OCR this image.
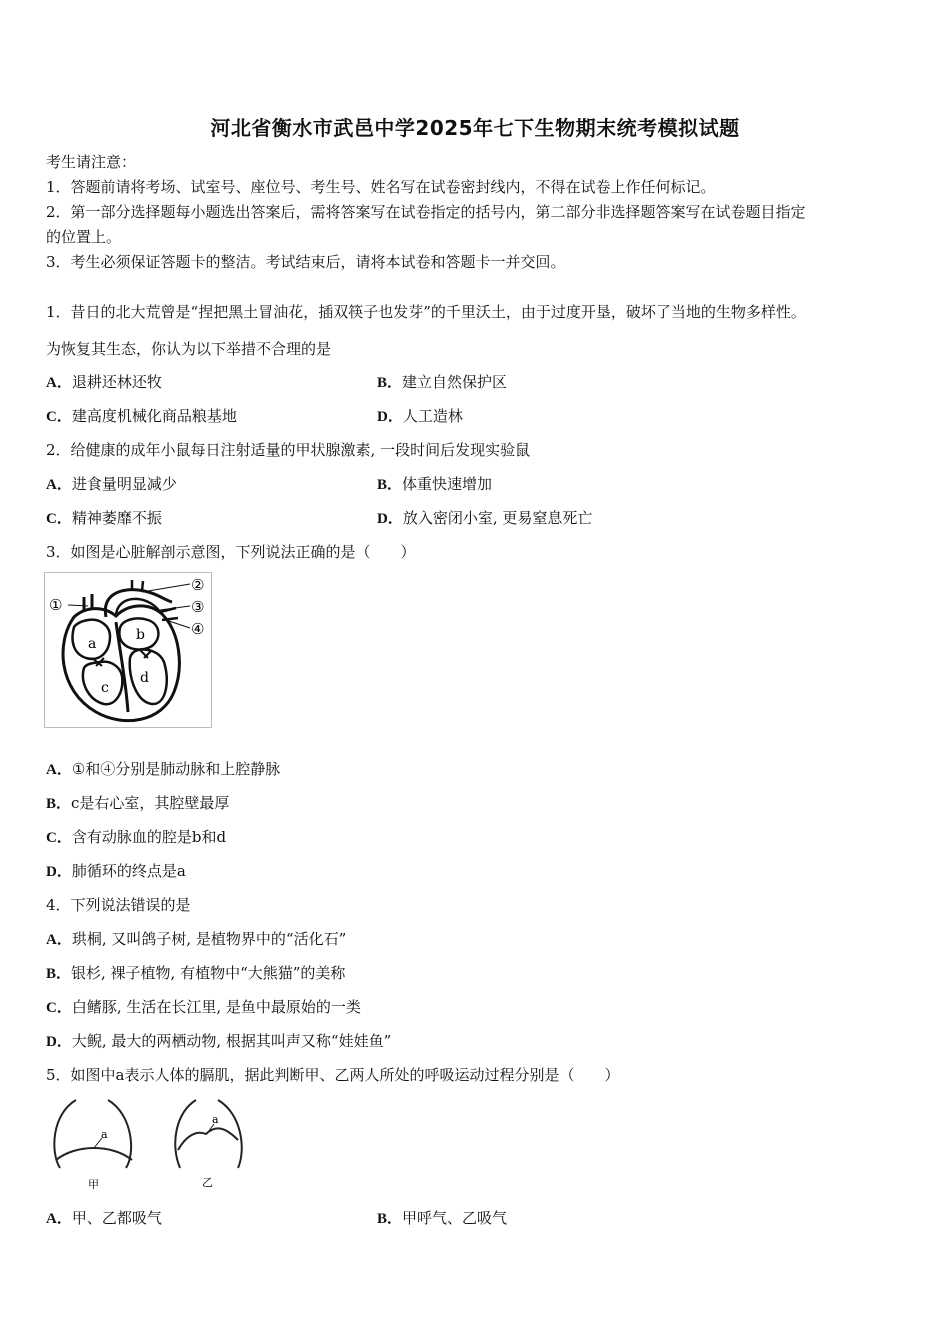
河北省衡水市武邑中学2025年七下生物期末统考模拟试题
考生请注意：
1．答题前请将考场、试室号、座位号、考生号、姓名写在试卷密封线内，不得在试卷上作任何标记。
2．第一部分选择题每小题选出答案后，需将答案写在试卷指定的括号内，第二部分非选择题答案写在试卷题目指定
的位置上。
3．考生必须保证答题卡的整洁。考试结束后，请将本试卷和答题卡一并交回。
1．昔日的北大荒曾是“捏把黑土冒油花，插双筷子也发芽”的千里沃土，由于过度开垦，破坏了当地的生物多样性。
为恢复其生态，你认为以下举措不合理的是
A．退耕还林还牧	B．建立自然保护区
C．建高度机械化商品粮基地	D．人工造林
2．给健康的成年小鼠每日注射适量的甲状腺激素, 一段时间后发现实验鼠
A．进食量明显减少	B．体重快速增加
C．精神萎靡不振	D．放入密闭小室, 更易窒息死亡
3．如图是心脏解剖示意图，下列说法正确的是（　　）
①
②
③
④
a
b
c
d
A．①和④分别是肺动脉和上腔静脉
B．c是右心室，其腔壁最厚
C．含有动脉血的腔是b和d
D．肺循环的终点是a
4．下列说法错误的是
A．珙桐, 又叫鸽子树, 是植物界中的“活化石”
B．银杉, 裸子植物, 有植物中“大熊猫”的美称
C．白鳍豚, 生活在长江里, 是鱼中最原始的一类
D．大鲵, 最大的两栖动物, 根据其叫声又称“娃娃鱼”
5．如图中a表示人体的膈肌，据此判断甲、乙两人所处的呼吸运动过程分别是（　　）
a
甲
a
乙
A．甲、乙都吸气	B．甲呼气、乙吸气
